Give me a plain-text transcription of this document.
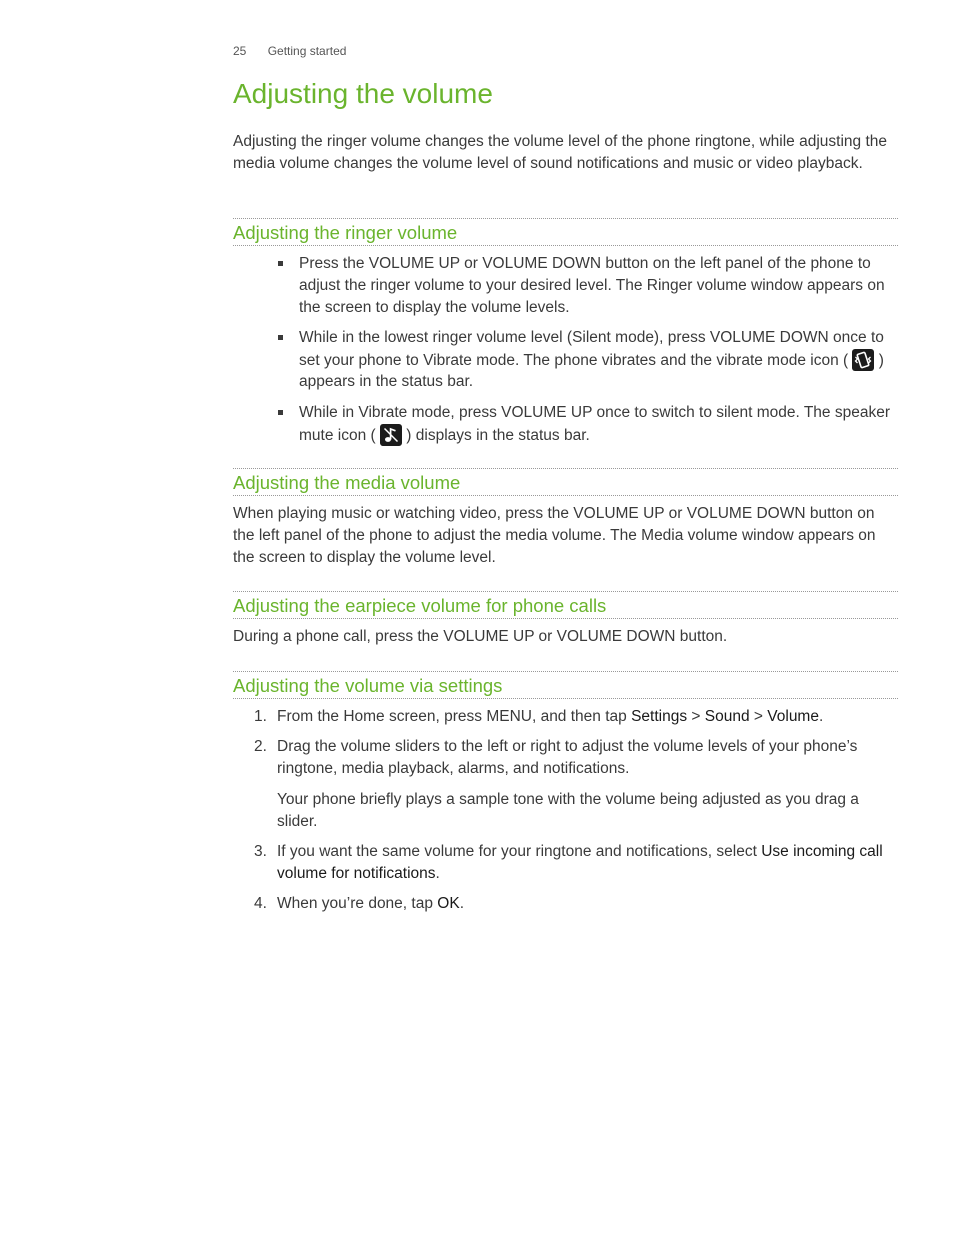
25 Getting started
Adjusting the volume

Adjusting the ringer volume changes the volume level of the phone ringtone, while adjusting the media volume changes the volume level of sound notifications and music or video playback.

Adjusting the ringer volume
Press the VOLUME UP or VOLUME DOWN button on the left panel of the phone to adjust the ringer volume to your desired level. The Ringer volume window appears on the screen to display the volume levels.
While in the lowest ringer volume level (Silent mode), press VOLUME DOWN once to set your phone to Vibrate mode. The phone vibrates and the vibrate mode icon ( ) appears in the status bar.
While in Vibrate mode, press VOLUME UP once to switch to silent mode. The speaker mute icon ( ) displays in the status bar.
Adjusting the media volume

When playing music or watching video, press the VOLUME UP or VOLUME DOWN button on the left panel of the phone to adjust the media volume. The Media volume window appears on the screen to display the volume level.

Adjusting the earpiece volume for phone calls

During a phone call, press the VOLUME UP or VOLUME DOWN button.

Adjusting the volume via settings
1. From the Home screen, press MENU, and then tap Settings > Sound > Volume.
2. Drag the volume sliders to the left or right to adjust the volume levels of your phone’s ringtone, media playback, alarms, and notifications.
Your phone briefly plays a sample tone with the volume being adjusted as you drag a slider.
3. If you want the same volume for your ringtone and notifications, select Use incoming call volume for notifications.
4. When you’re done, tap OK.
